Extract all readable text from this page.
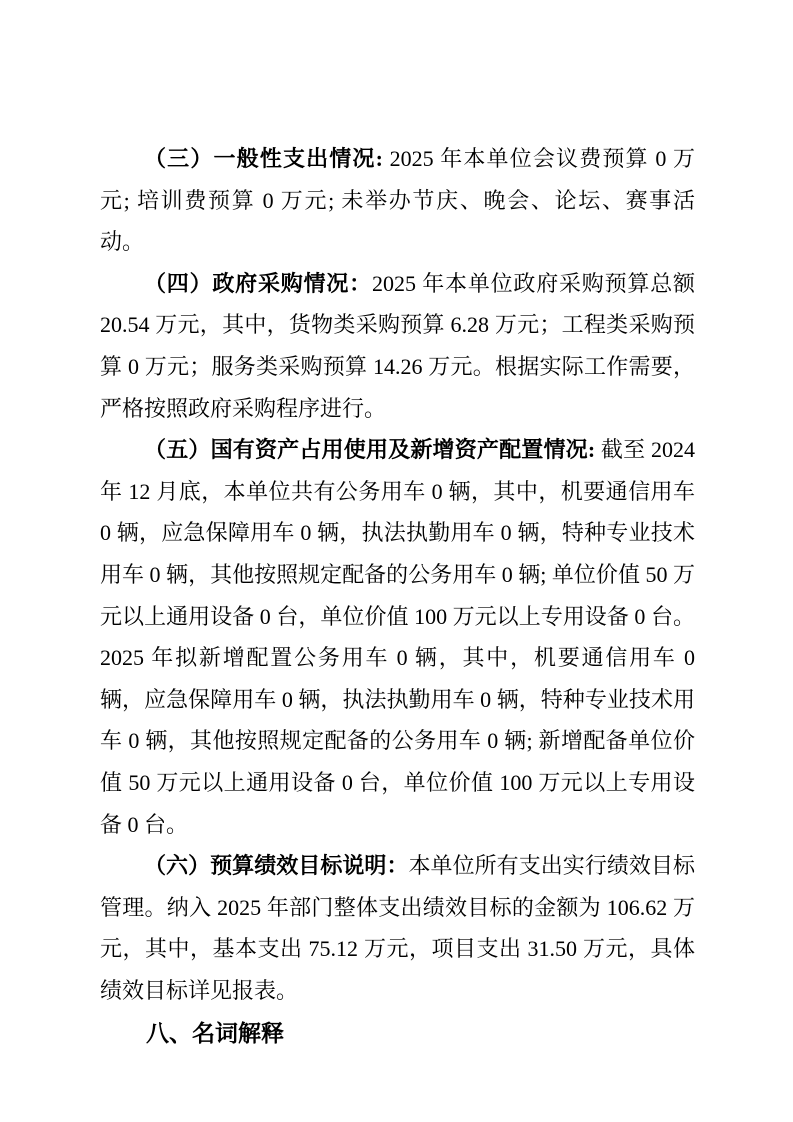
（三）一般性支出情况: 2025 年本单位会议费预算 0 万元; 培训费预算 0 万元; 未举办节庆、晚会、论坛、赛事活动。

（四）政府采购情况：2025 年本单位政府采购预算总额 20.54 万元，其中，货物类采购预算 6.28 万元；工程类采购预算 0 万元；服务类采购预算 14.26 万元。根据实际工作需要，严格按照政府采购程序进行。

（五）国有资产占用使用及新增资产配置情况: 截至 2024 年 12 月底，本单位共有公务用车 0 辆，其中，机要通信用车 0 辆，应急保障用车 0 辆，执法执勤用车 0 辆，特种专业技术用车 0 辆，其他按照规定配备的公务用车 0 辆; 单位价值 50 万元以上通用设备 0 台，单位价值 100 万元以上专用设备 0 台。2025 年拟新增配置公务用车 0 辆，其中，机要通信用车 0 辆，应急保障用车 0 辆，执法执勤用车 0 辆，特种专业技术用车 0 辆，其他按照规定配备的公务用车 0 辆; 新增配备单位价值 50 万元以上通用设备 0 台，单位价值 100 万元以上专用设备 0 台。

（六）预算绩效目标说明：本单位所有支出实行绩效目标管理。纳入 2025 年部门整体支出绩效目标的金额为 106.62 万元，其中，基本支出 75.12 万元，项目支出 31.50 万元，具体绩效目标详见报表。

八、名词解释
